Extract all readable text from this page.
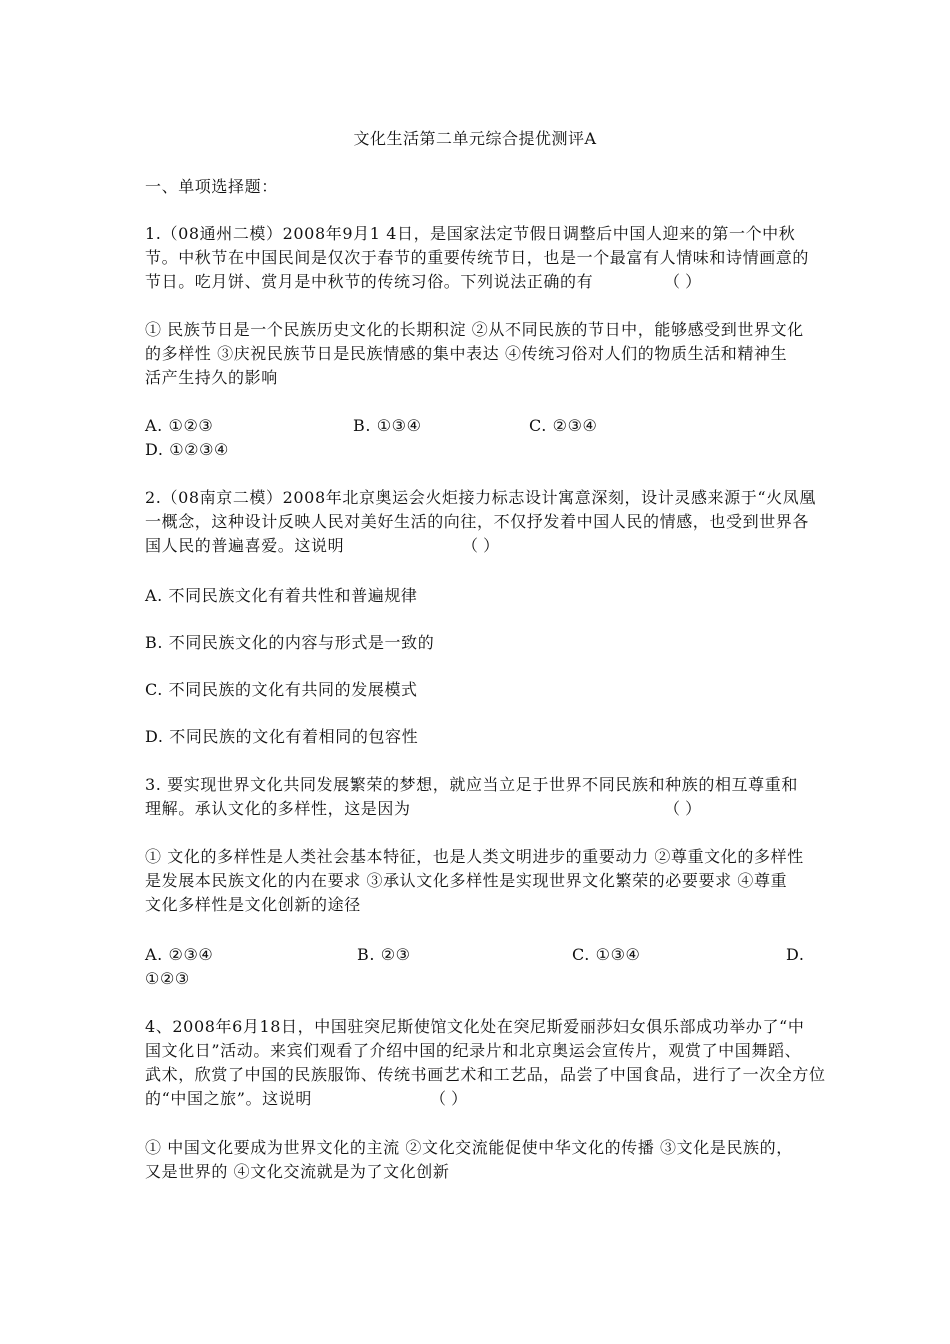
文化生活第二单元综合提优测评A
一、单项选择题：
1.（08通州二模）2008年9月1 4日，是国家法定节假日调整后中国人迎来的第一个中秋
节。中秋节在中国民间是仅次于春节的重要传统节日，也是一个最富有人情味和诗情画意的
节日。吃月饼、赏月是中秋节的传统习俗。下列说法正确的有	（ ）
① 民族节日是一个民族历史文化的长期积淀 ②从不同民族的节日中，能够感受到世界文化
的多样性 ③庆祝民族节日是民族情感的集中表达 ④传统习俗对人们的物质生活和精神生
活产生持久的影响
A. ①②③	B. ①③④	C. ②③④
D. ①②③④
2.（08南京二模）2008年北京奥运会火炬接力标志设计寓意深刻，设计灵感来源于“火凤凰
一概念，这种设计反映人民对美好生活的向往，不仅抒发着中国人民的情感，也受到世界各
国人民的普遍喜爱。这说明	（ ）
A. 不同民族文化有着共性和普遍规律
B. 不同民族文化的内容与形式是一致的
C. 不同民族的文化有共同的发展模式
D. 不同民族的文化有着相同的包容性
3. 要实现世界文化共同发展繁荣的梦想，就应当立足于世界不同民族和种族的相互尊重和
理解。承认文化的多样性，这是因为	（ ）
① 文化的多样性是人类社会基本特征，也是人类文明进步的重要动力 ②尊重文化的多样性
是发展本民族文化的内在要求 ③承认文化多样性是实现世界文化繁荣的必要要求 ④尊重
文化多样性是文化创新的途径
A. ②③④	B. ②③	C. ①③④	D.
①②③
4、2008年6月18日，中国驻突尼斯使馆文化处在突尼斯爱丽莎妇女俱乐部成功举办了“中
国文化日”活动。来宾们观看了介绍中国的纪录片和北京奥运会宣传片，观赏了中国舞蹈、
武术，欣赏了中国的民族服饰、传统书画艺术和工艺品，品尝了中国食品，进行了一次全方位
的“中国之旅”。这说明	（ ）
① 中国文化要成为世界文化的主流 ②文化交流能促使中华文化的传播 ③文化是民族的，
又是世界的 ④文化交流就是为了文化创新
